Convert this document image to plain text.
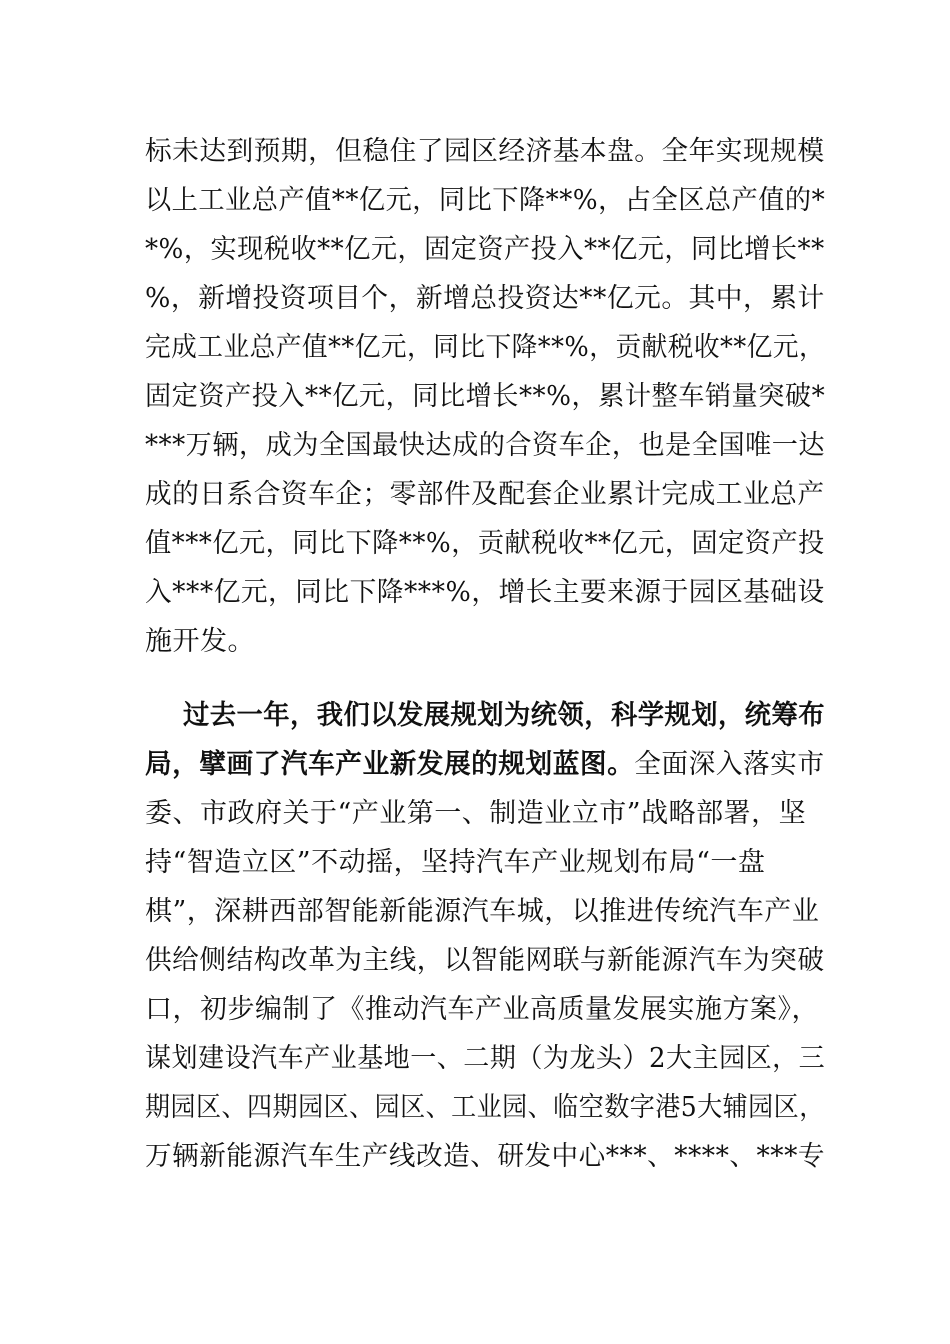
标未达到预期，但稳住了园区经济基本盘。全年实现规模
以上工业总产值**亿元，同比下降**%，占全区总产值的*
*%，实现税收**亿元，固定资产投入**亿元，同比增长**
%，新增投资项目个，新增总投资达**亿元。其中，累计
完成工业总产值**亿元，同比下降**%，贡献税收**亿元，
固定资产投入**亿元，同比增长**%，累计整车销量突破*
***万辆，成为全国最快达成的合资车企，也是全国唯一达
成的日系合资车企；零部件及配套企业累计完成工业总产
值***亿元，同比下降**%，贡献税收**亿元，固定资产投
入***亿元，同比下降***%，增长主要来源于园区基础设
施开发。
过去一年，我们以发展规划为统领，科学规划，统筹布
局，擘画了汽车产业新发展的规划蓝图。全面深入落实市
委、市政府关于“产业第一、制造业立市”战略部署，坚
持“智造立区”不动摇，坚持汽车产业规划布局“一盘
棋”，深耕西部智能新能源汽车城，以推进传统汽车产业
供给侧结构改革为主线，以智能网联与新能源汽车为突破
口，初步编制了《推动汽车产业高质量发展实施方案》，
谋划建设汽车产业基地一、二期（为龙头）2大主园区，三
期园区、四期园区、园区、工业园、临空数字港5大辅园区，
万辆新能源汽车生产线改造、研发中心***、****、***专
